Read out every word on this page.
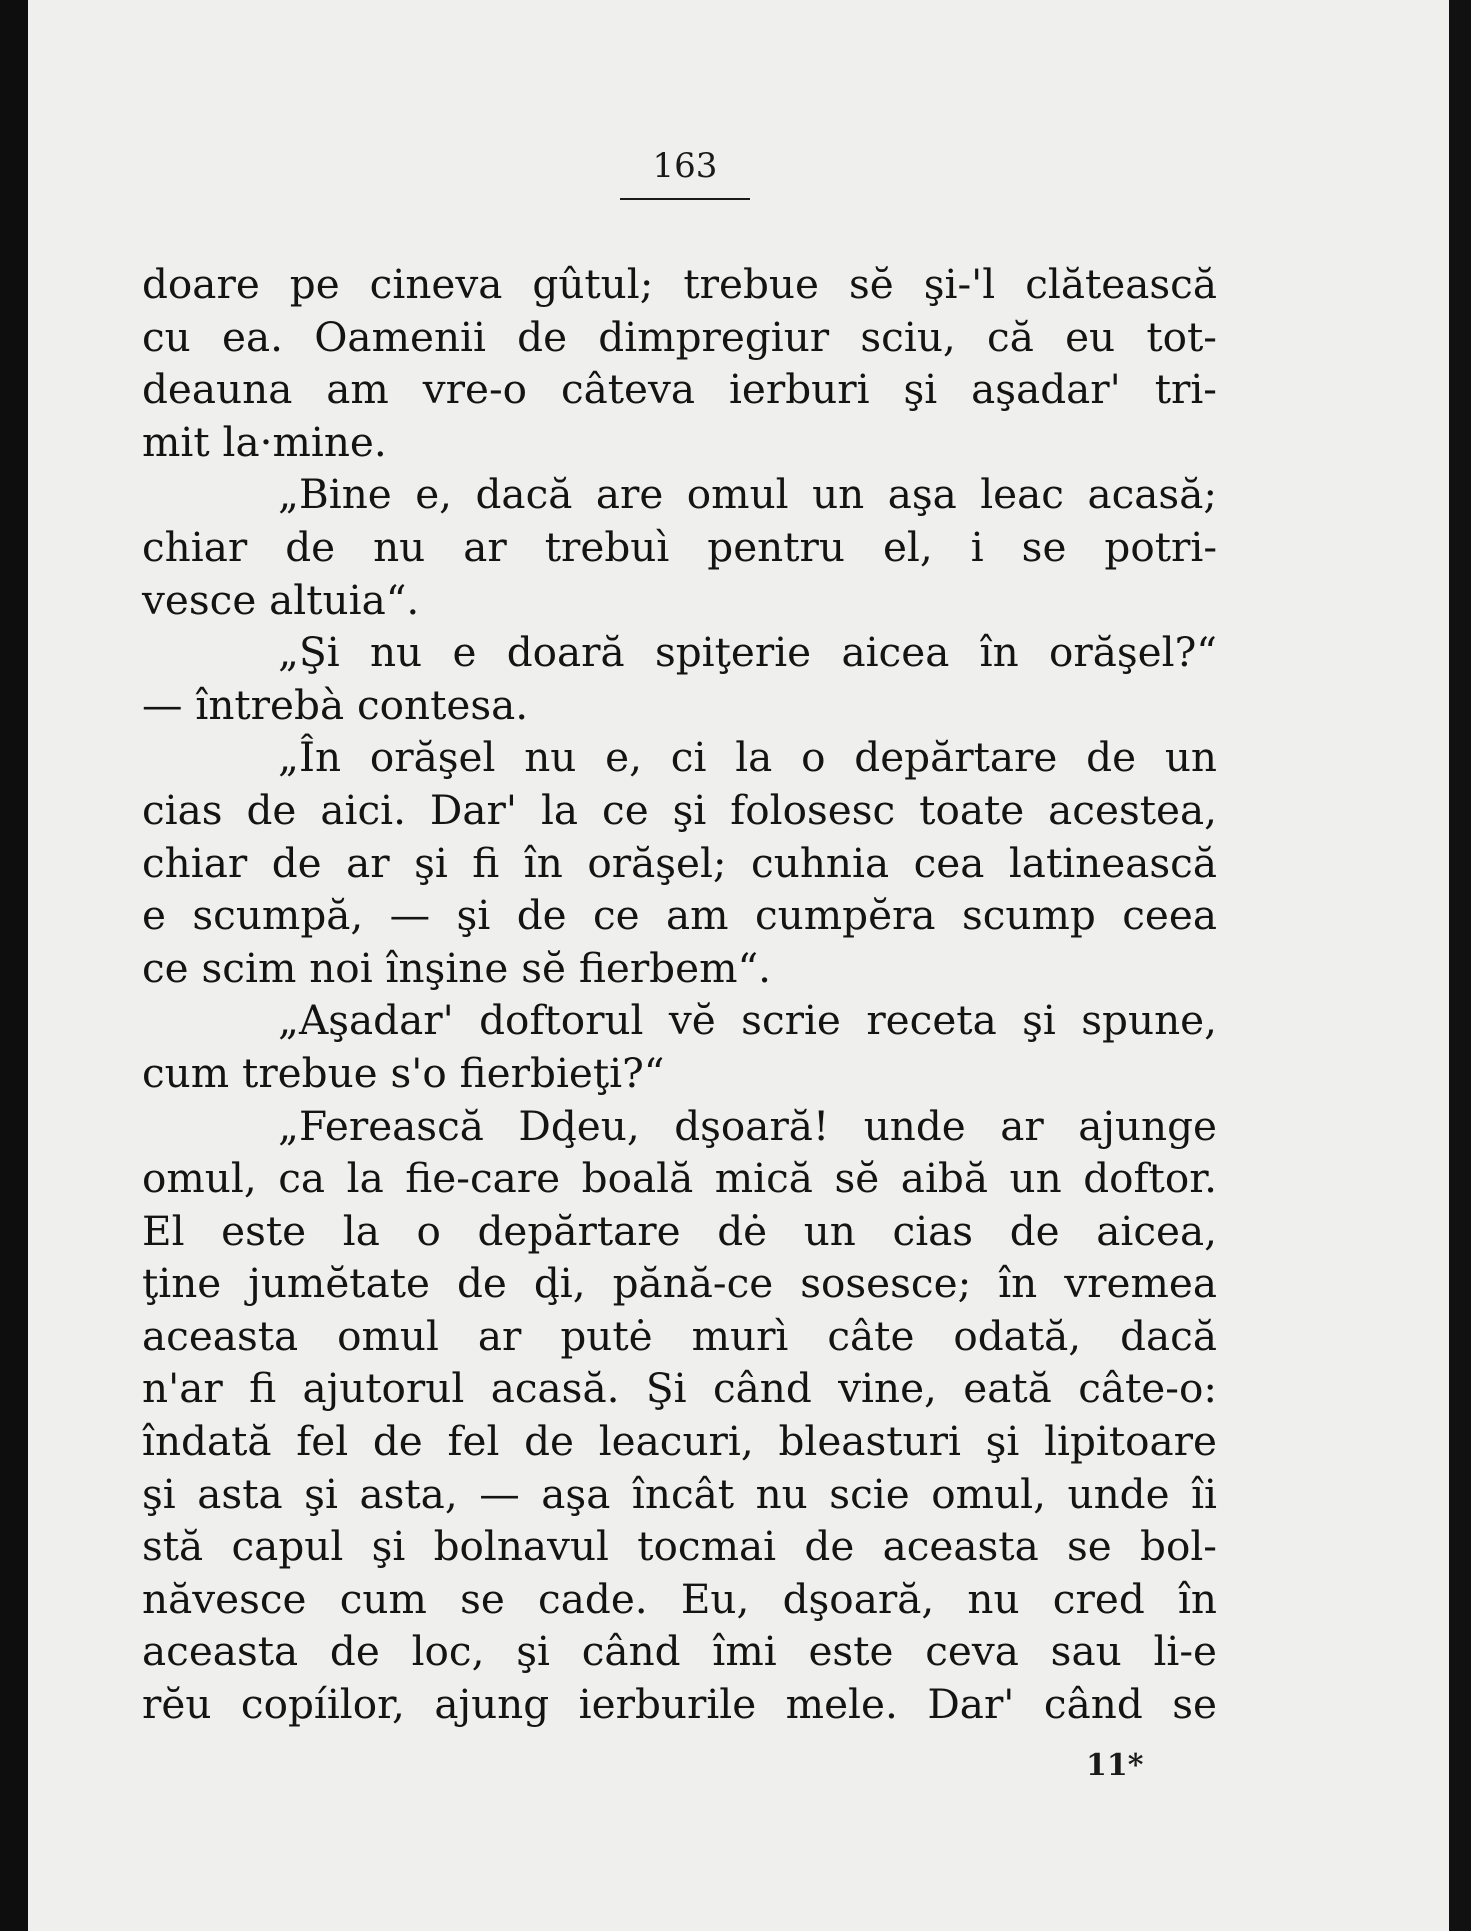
163
doare pe cineva gûtul; trebue sĕ şi-'l clătească
cu ea. Oamenii de dimpregiur sciu, că eu tot-
deauna am vre-o câteva ierburi şi aşadar' tri-
mit la·mine.
„Bine e, dacă are omul un aşa leac acasă;
chiar de nu ar trebuì pentru el, i se potri-
vesce altuia“.
„Şi nu e doară spiţerie aicea în orăşel?“
— întrebà contesa.
„În orăşel nu e, ci la o depărtare de un
cias de aici. Dar' la ce şi folosesc toate acestea,
chiar de ar şi fi în orăşel; cuhnia cea latinească
e scumpă, — şi de ce am cumpĕra scump ceea
ce scim noi înşine sĕ fierbem“.
„Aşadar' doftorul vĕ scrie receta şi spune,
cum trebue s'o fierbieţi?“
„Ferească Dḑeu, dşoară! unde ar ajunge
omul, ca la fie-care boală mică sĕ aibă un doftor.
El este la o depărtare dė un cias de aicea,
ţine jumĕtate de ḑi, pănă-ce sosesce; în vremea
aceasta omul ar putė murì câte odată, dacă
n'ar fi ajutorul acasă. Şi când vine, eată câte-o:
îndată fel de fel de leacuri, bleasturi şi lipitoare
şi asta şi asta, — aşa încât nu scie omul, unde îi
stă capul şi bolnavul tocmai de aceasta se bol-
năvesce cum se cade. Eu, dşoară, nu cred în
aceasta de loc, şi când îmi este ceva sau li-e
rĕu copíilor, ajung ierburile mele. Dar' când se
11*
